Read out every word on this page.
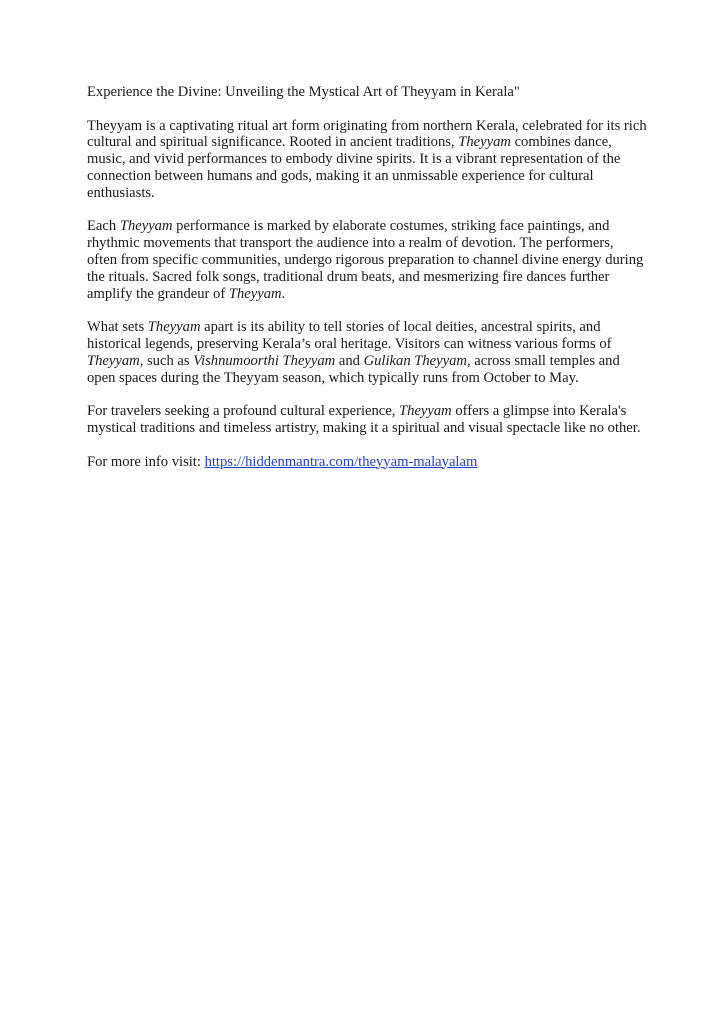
Experience the Divine: Unveiling the Mystical Art of Theyyam in Kerala"

Theyyam is a captivating ritual art form originating from northern Kerala, celebrated for its rich cultural and spiritual significance. Rooted in ancient traditions, Theyyam combines dance, music, and vivid performances to embody divine spirits. It is a vibrant representation of the connection between humans and gods, making it an unmissable experience for cultural enthusiasts.

Each Theyyam performance is marked by elaborate costumes, striking face paintings, and rhythmic movements that transport the audience into a realm of devotion. The performers, often from specific communities, undergo rigorous preparation to channel divine energy during the rituals. Sacred folk songs, traditional drum beats, and mesmerizing fire dances further amplify the grandeur of Theyyam.

What sets Theyyam apart is its ability to tell stories of local deities, ancestral spirits, and historical legends, preserving Kerala’s oral heritage. Visitors can witness various forms of Theyyam, such as Vishnumoorthi Theyyam and Gulikan Theyyam, across small temples and open spaces during the Theyyam season, which typically runs from October to May.

For travelers seeking a profound cultural experience, Theyyam offers a glimpse into Kerala's mystical traditions and timeless artistry, making it a spiritual and visual spectacle like no other.

For more info visit: https://hiddenmantra.com/theyyam-malayalam
